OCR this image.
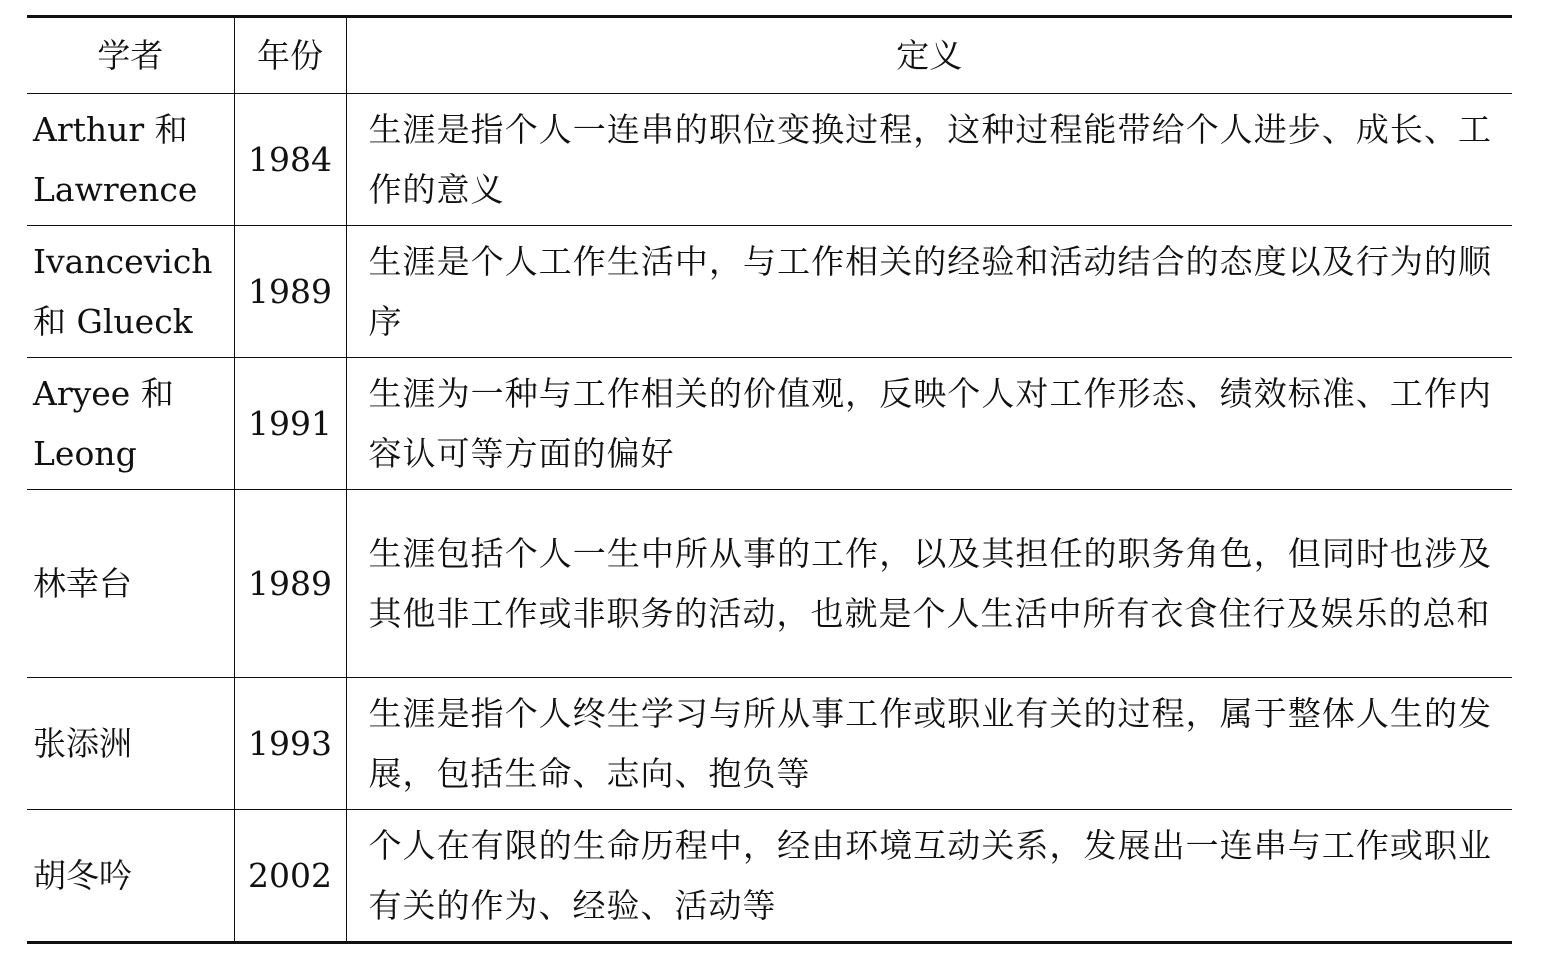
学者	年份	定义
Arthur 和 Lawrence	1984	生涯是指个人一连串的职位变换过程，这种过程能带给个人进步、成长、工作的意义
Ivancevich 和 Glueck	1989	生涯是个人工作生活中，与工作相关的经验和活动结合的态度以及行为的顺序
Aryee 和 Leong	1991	生涯为一种与工作相关的价值观，反映个人对工作形态、绩效标准、工作内容认可等方面的偏好
林幸台	1989	生涯包括个人一生中所从事的工作，以及其担任的职务角色，但同时也涉及其他非工作或非职务的活动，也就是个人生活中所有衣食住行及娱乐的总和
张添洲	1993	生涯是指个人终生学习与所从事工作或职业有关的过程，属于整体人生的发展，包括生命、志向、抱负等
胡冬吟	2002	个人在有限的生命历程中，经由环境互动关系，发展出一连串与工作或职业有关的作为、经验、活动等
